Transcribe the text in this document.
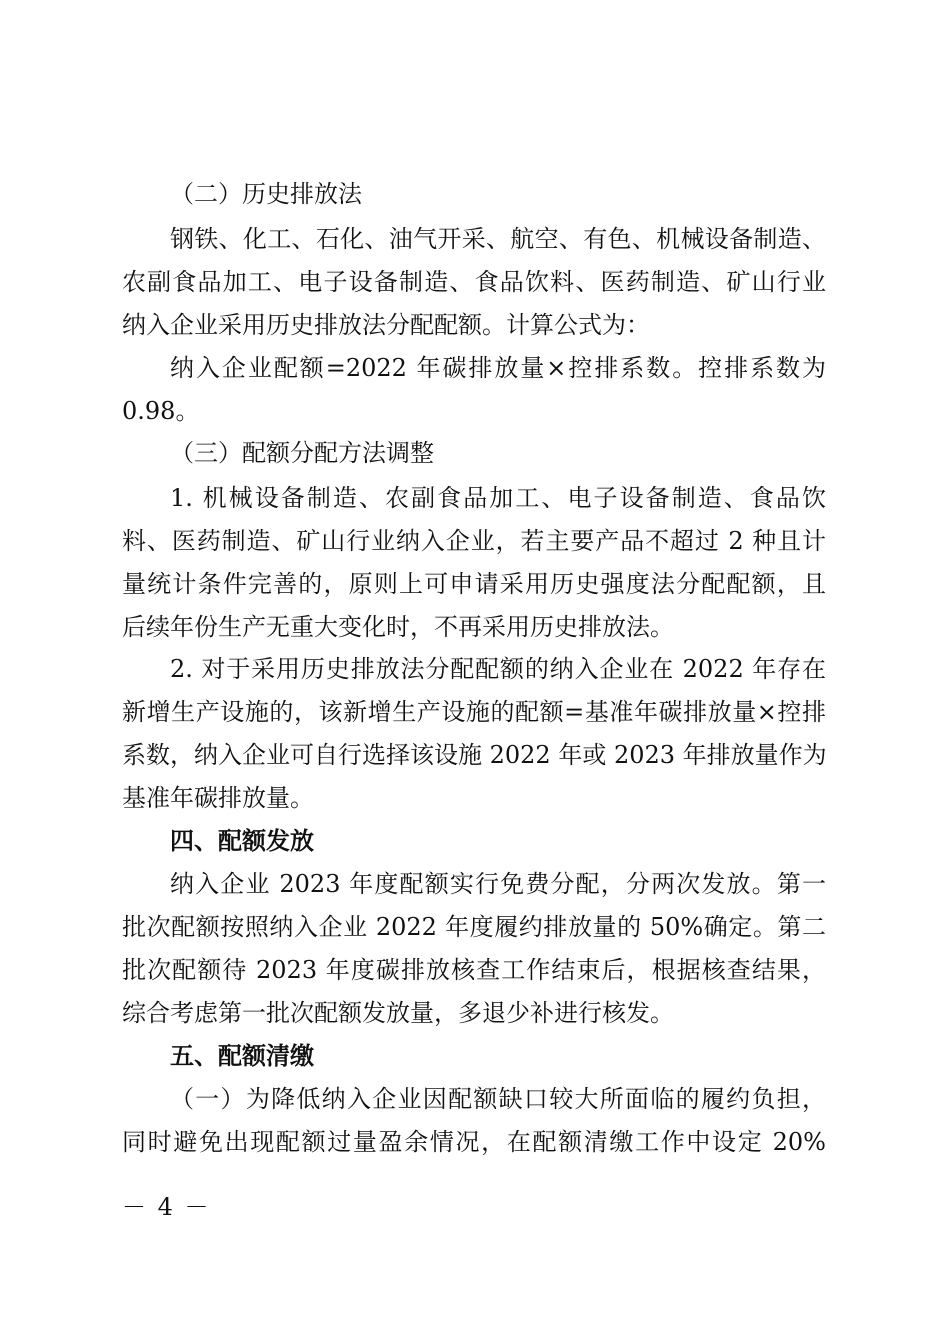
（二）历史排放法
钢铁、化工、石化、油气开采、航空、有色、机械设备制造、
农副食品加工、电子设备制造、食品饮料、医药制造、矿山行业
纳入企业采用历史排放法分配配额。计算公式为：
纳入企业配额=2022 年碳排放量×控排系数。控排系数为
0.98。
（三）配额分配方法调整
1. 机械设备制造、农副食品加工、电子设备制造、食品饮
料、医药制造、矿山行业纳入企业，若主要产品不超过 2 种且计
量统计条件完善的，原则上可申请采用历史强度法分配配额，且
后续年份生产无重大变化时，不再采用历史排放法。
2. 对于采用历史排放法分配配额的纳入企业在 2022 年存在
新增生产设施的，该新增生产设施的配额=基准年碳排放量×控排
系数，纳入企业可自行选择该设施 2022 年或 2023 年排放量作为
基准年碳排放量。
四、配额发放
纳入企业 2023 年度配额实行免费分配，分两次发放。第一
批次配额按照纳入企业 2022 年度履约排放量的 50%确定。第二
批次配额待 2023 年度碳排放核查工作结束后，根据核查结果，
综合考虑第一批次配额发放量，多退少补进行核发。
五、配额清缴
（一）为降低纳入企业因配额缺口较大所面临的履约负担，
同时避免出现配额过量盈余情况，在配额清缴工作中设定 20%
－ 4 －
